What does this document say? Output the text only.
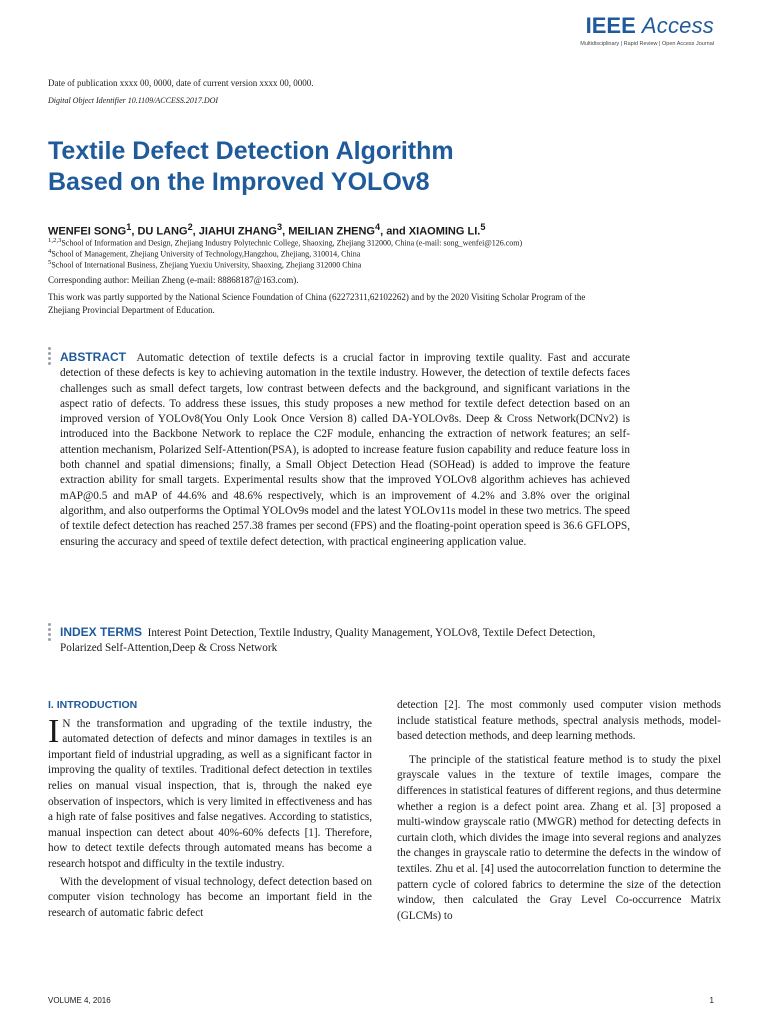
IEEE Access
Multidisciplinary | Rapid Review | Open Access Journal
Date of publication xxxx 00, 0000, date of current version xxxx 00, 0000.
Digital Object Identifier 10.1109/ACCESS.2017.DOI
Textile Defect Detection Algorithm
Based on the Improved YOLOv8
WENFEI SONG$^1$, DU LANG$^2$, JIAHUI ZHANG$^3$, MEILIAN ZHENG$^4$, and XIAOMING LI.$^5$
$^{1,2,3}$School of Information and Design, Zhejiang Industry Polytechnic College, Shaoxing, Zhejiang 312000, China (e-mail: song_wenfei@126.com)
$^4$School of Management, Zhejiang University of Technology,Hangzhou, Zhejiang, 310014, China
$^5$School of International Business, Zhejiang Yuexiu University, Shaoxing, Zhejiang 312000 China
Corresponding author: Meilian Zheng (e-mail: 88868187@163.com).
This work was partly supported by the National Science Foundation of China (62272311,62102262) and by the 2020 Visiting Scholar Program of the Zhejiang Provincial Department of Education.
ABSTRACT Automatic detection of textile defects is a crucial factor in improving textile quality. Fast and accurate detection of these defects is key to achieving automation in the textile industry. However, the detection of textile defects faces challenges such as small defect targets, low contrast between defects and the background, and significant variations in the aspect ratio of defects. To address these issues, this study proposes a new method for textile defect detection based on an improved version of YOLOv8(You Only Look Once Version 8) called DA-YOLOv8s. Deep & Cross Network(DCNv2) is introduced into the Backbone Network to replace the C2F module, enhancing the extraction of network features; an self-attention mechanism, Polarized Self-Attention(PSA), is adopted to increase feature fusion capability and reduce feature loss in both channel and spatial dimensions; finally, a Small Object Detection Head (SOHead) is added to improve the feature extraction ability for small targets. Experimental results show that the improved YOLOv8 algorithm achieves has achieved mAP@0.5 and mAP of 44.6% and 48.6% respectively, which is an improvement of 4.2% and 3.8% over the original algorithm, and also outperforms the Optimal YOLOv9s model and the latest YOLOv11s model in these two metrics. The speed of textile defect detection has reached 257.38 frames per second (FPS) and the floating-point operation speed is 36.6 GFLOPS, ensuring the accuracy and speed of textile defect detection, with practical engineering application value.
INDEX TERMS Interest Point Detection, Textile Industry, Quality Management, YOLOv8, Textile Defect Detection, Polarized Self-Attention,Deep & Cross Network
I. INTRODUCTION

I N the transformation and upgrading of the textile industry, the automated detection of defects and minor damages in textiles is an important field of industrial upgrading, as well as a significant factor in improving the quality of textiles. Traditional defect detection in textiles relies on manual visual inspection, that is, through the naked eye observation of inspectors, which is very limited in effectiveness and has a high rate of false positives and false negatives. According to statistics, manual inspection can detect about 40%-60% defects [1]. Therefore, how to detect textile defects through automated means has become a research hotspot and difficulty in the textile industry.

With the development of visual technology, defect detection based on computer vision technology has become an important field in the research of automatic fabric defect

detection [2]. The most commonly used computer vision methods include statistical feature methods, spectral analysis methods, model-based detection methods, and deep learning methods.

The principle of the statistical feature method is to study the pixel grayscale values in the texture of textile images, compare the differences in statistical features of different regions, and thus determine whether a region is a defect point area. Zhang et al. [3] proposed a multi-window grayscale ratio (MWGR) method for detecting defects in curtain cloth, which divides the image into several regions and analyzes the changes in grayscale ratio to determine the defects in the window of textiles. Zhu et al. [4] used the autocorrelation function to determine the pattern cycle of colored fabrics to determine the size of the detection window, then calculated the Gray Level Co-occurrence Matrix (GLCMs) to

VOLUME 4, 2016	1
